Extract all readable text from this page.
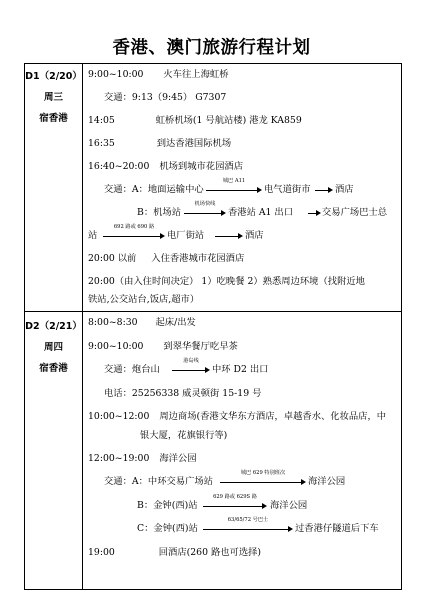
香港、澳门旅游行程计划
D1（2/20）
周三
宿香港
9:00~10:00 火车往上海虹桥
交通：9:13（9:45） G7307
14:05	虹桥机场(1 号航站楼) 港龙 KA859
16:35	到达香港国际机场
16:40~20:00 机场到城市花园酒店
交通：A：地面运输中心
城巴 A11
电气道街市	酒店
B：机场站
机场快线
香港站 A1 出口	交易广场巴士总
站
692 路或 690 路
电厂街站	酒店
20:00 以前 入住香港城市花园酒店
20:00（由入住时间决定） 1）吃晚餐 2）熟悉周边环境（找附近地
铁站,公交站台,饭店,超市）
D2（2/21）
周四
宿香港
8:00~8:30 起床/出发
9:00~10:00 到翠华餐厅吃早茶
交通：炮台山
港岛线
中环 D2 出口
电话：25256338 威灵顿街 15-19 号
10:00~12:00 周边商场(香港文华东方酒店，卓越香水、化妆品店，中
银大厦，花旗银行等)
12:00~19:00 海洋公园
交通：A：中环交易广场站
城巴 629 特别班次
海洋公园
B：金钟(西)站
629 路或 629S 路
海洋公园
C：金钟(西)站
63/65/72 号巴士
过香港仔隧道后下车
19:00	回酒店(260 路也可选择)
